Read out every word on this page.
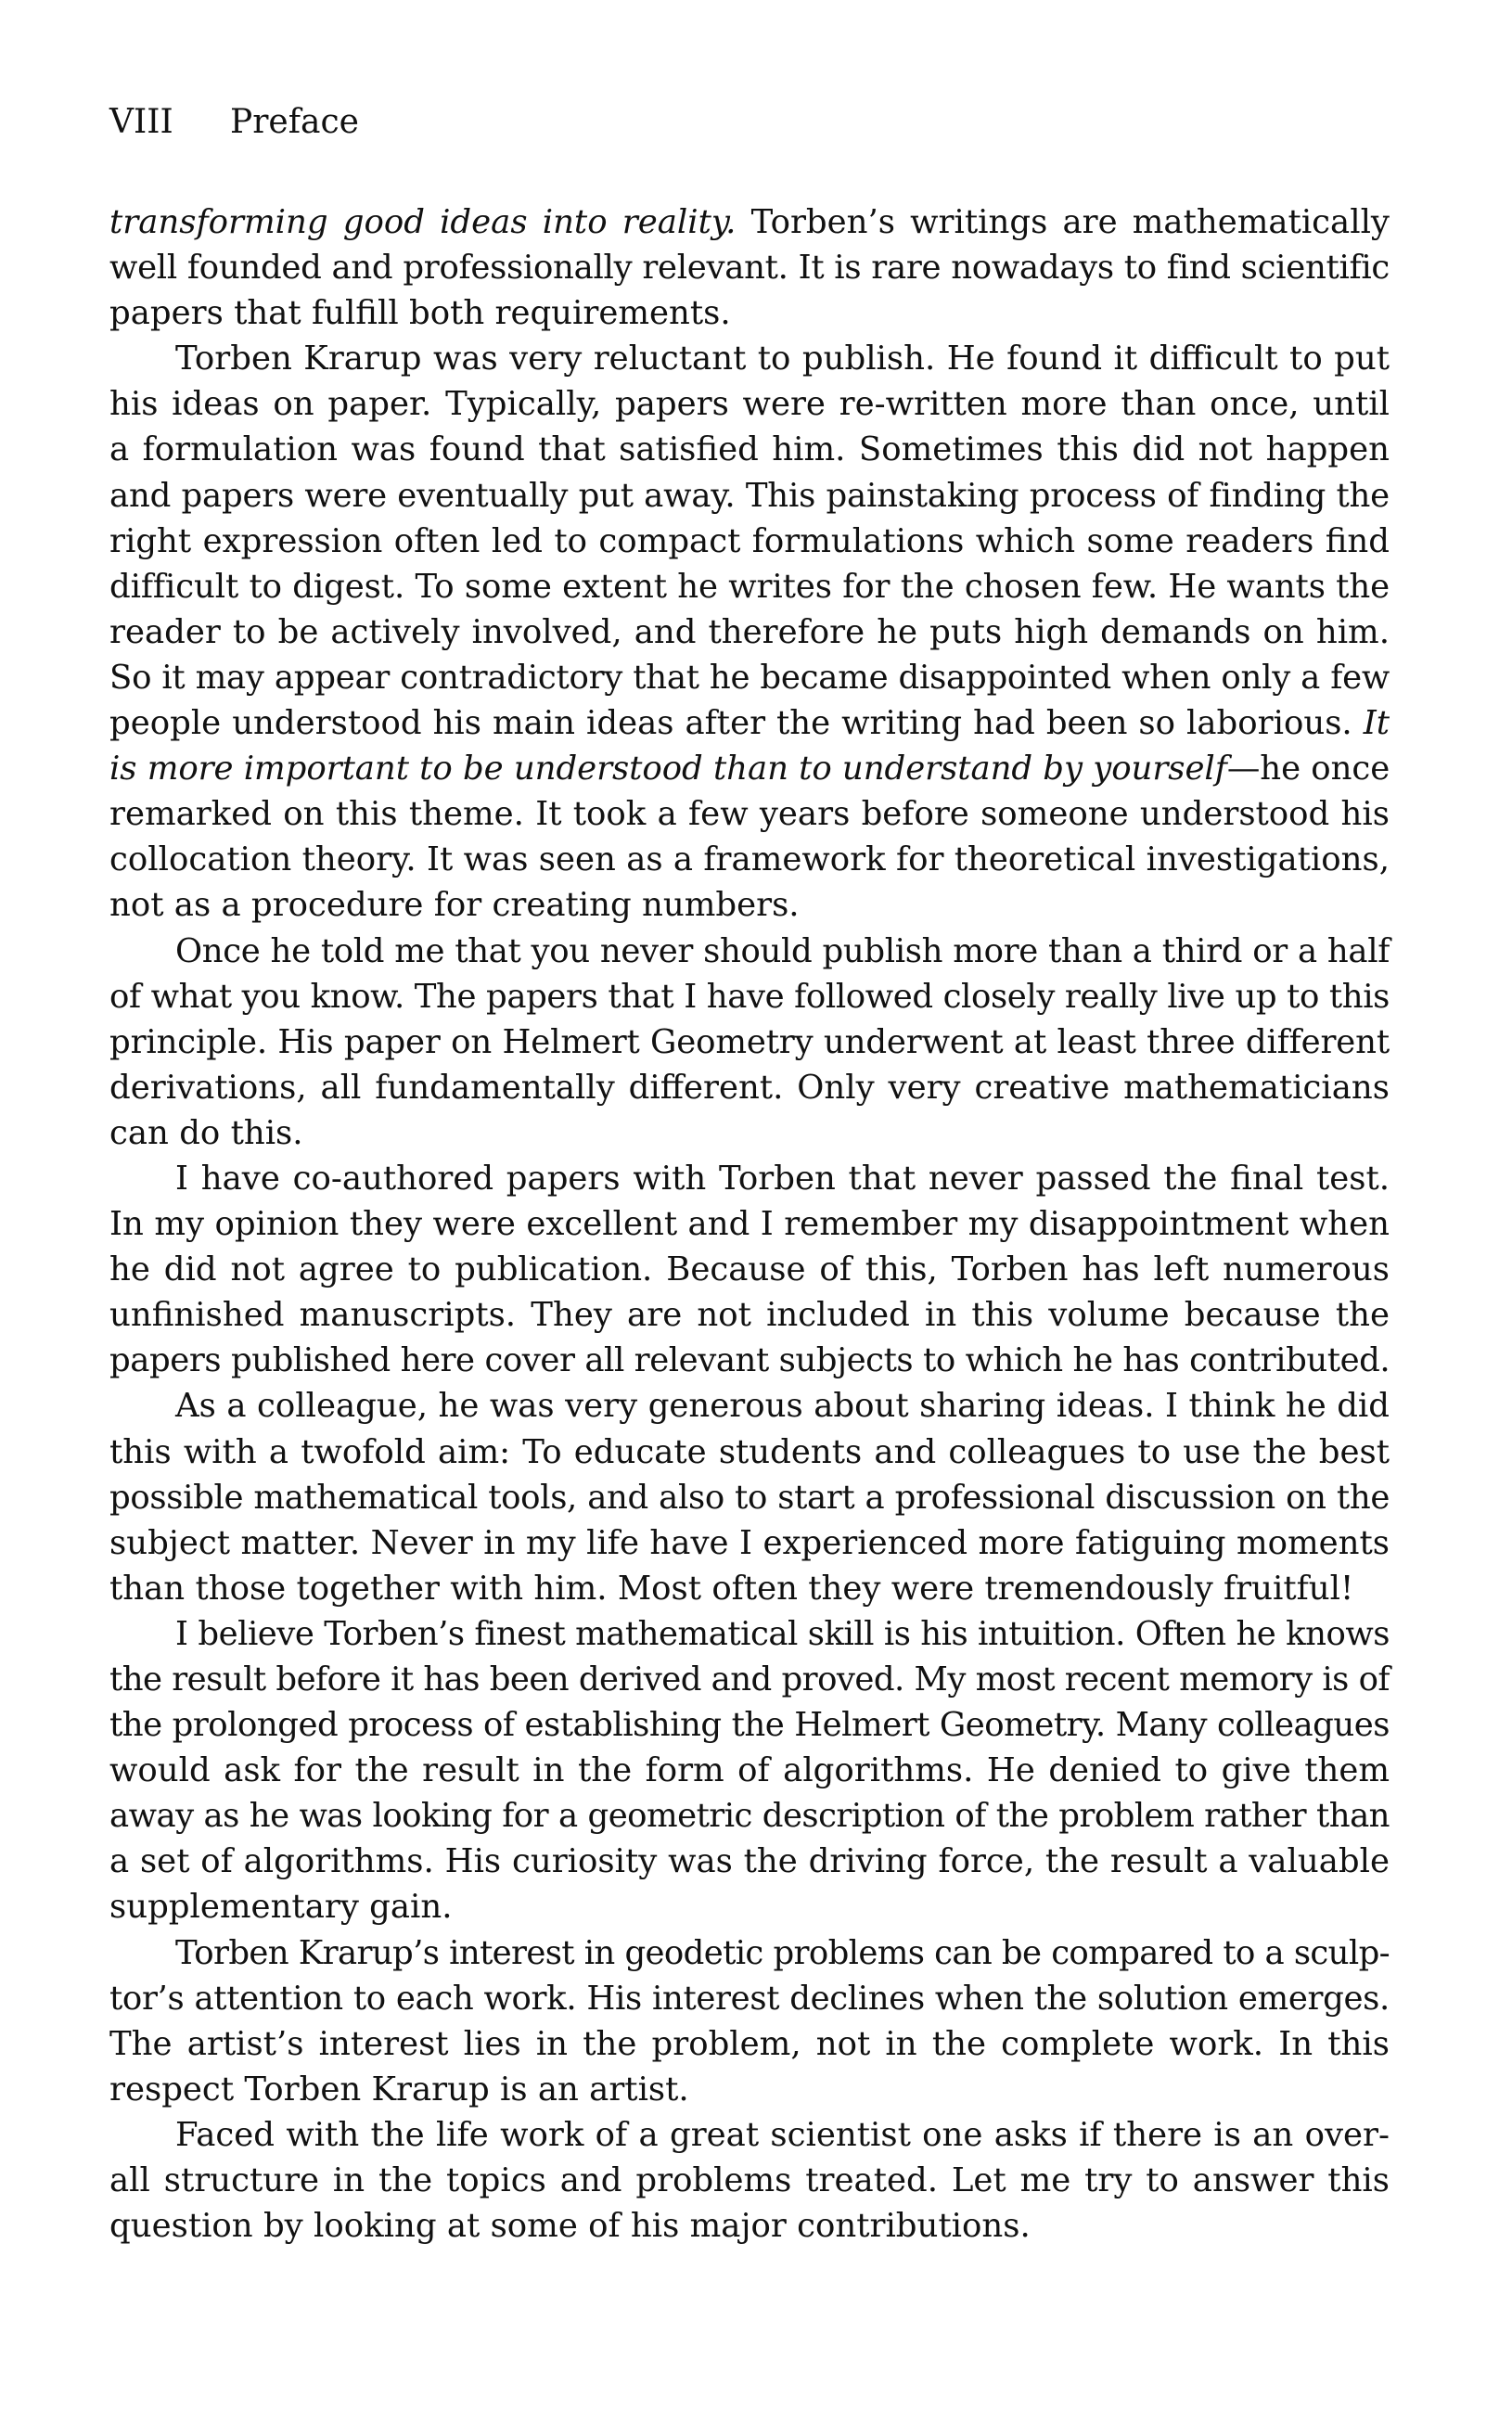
VIII Preface
transforming good ideas into reality. Torben’s writings are mathematically
well founded and professionally relevant. It is rare nowadays to find scientific
papers that fulfill both requirements.
Torben Krarup was very reluctant to publish. He found it difficult to put
his ideas on paper. Typically, papers were re-written more than once, until
a formulation was found that satisfied him. Sometimes this did not happen
and papers were eventually put away. This painstaking process of finding the
right expression often led to compact formulations which some readers find
difficult to digest. To some extent he writes for the chosen few. He wants the
reader to be actively involved, and therefore he puts high demands on him.
So it may appear contradictory that he became disappointed when only a few
people understood his main ideas after the writing had been so laborious. It
is more important to be understood than to understand by yourself—he once
remarked on this theme. It took a few years before someone understood his
collocation theory. It was seen as a framework for theoretical investigations,
not as a procedure for creating numbers.
Once he told me that you never should publish more than a third or a half
of what you know. The papers that I have followed closely really live up to this
principle. His paper on Helmert Geometry underwent at least three different
derivations, all fundamentally different. Only very creative mathematicians
can do this.
I have co-authored papers with Torben that never passed the final test.
In my opinion they were excellent and I remember my disappointment when
he did not agree to publication. Because of this, Torben has left numerous
unfinished manuscripts. They are not included in this volume because the
papers published here cover all relevant subjects to which he has contributed.
As a colleague, he was very generous about sharing ideas. I think he did
this with a twofold aim: To educate students and colleagues to use the best
possible mathematical tools, and also to start a professional discussion on the
subject matter. Never in my life have I experienced more fatiguing moments
than those together with him. Most often they were tremendously fruitful!
I believe Torben’s finest mathematical skill is his intuition. Often he knows
the result before it has been derived and proved. My most recent memory is of
the prolonged process of establishing the Helmert Geometry. Many colleagues
would ask for the result in the form of algorithms. He denied to give them
away as he was looking for a geometric description of the problem rather than
a set of algorithms. His curiosity was the driving force, the result a valuable
supplementary gain.
Torben Krarup’s interest in geodetic problems can be compared to a sculp-
tor’s attention to each work. His interest declines when the solution emerges.
The artist’s interest lies in the problem, not in the complete work. In this
respect Torben Krarup is an artist.
Faced with the life work of a great scientist one asks if there is an over-
all structure in the topics and problems treated. Let me try to answer this
question by looking at some of his major contributions.
